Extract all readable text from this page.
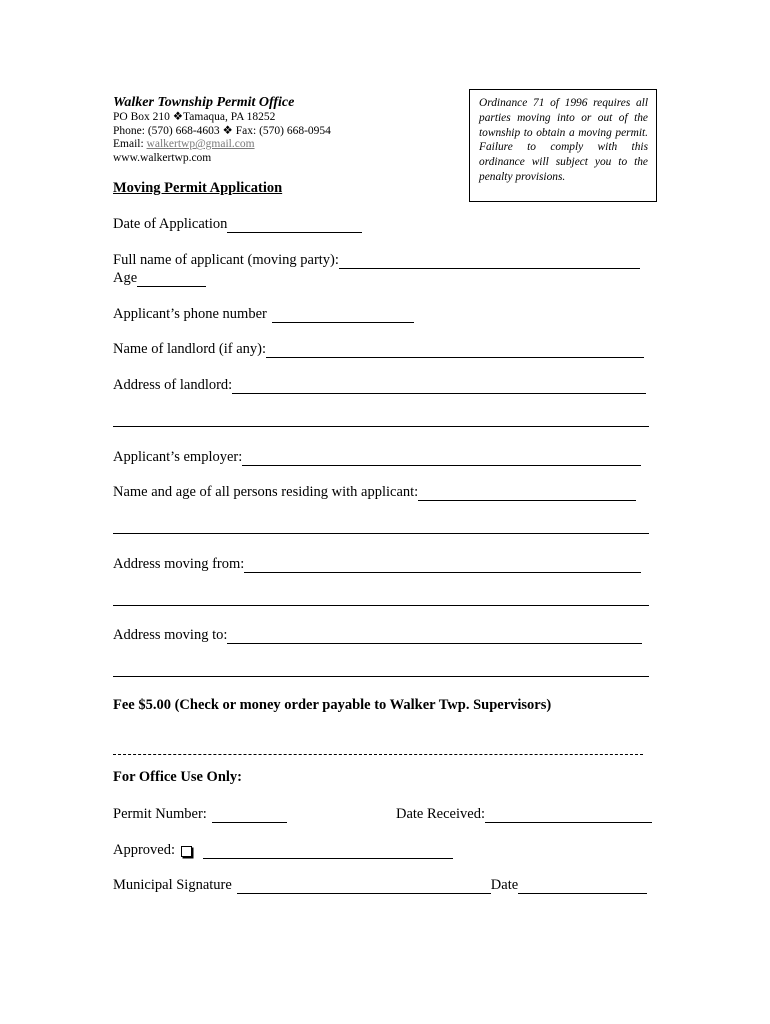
Walker Township Permit Office
PO Box 210 ❖Tamaqua, PA 18252
Phone: (570) 668-4603 ❖ Fax: (570) 668-0954
Email: walkertwp@gmail.com
www.walkertwp.com
Ordinance 71 of 1996 requires all parties moving into or out of the township to obtain a moving permit. Failure to comply with this ordinance will subject you to the penalty provisions.
Moving Permit Application
Date of Application
Full name of applicant (moving party):
Age
Applicant’s phone number
Name of landlord (if any):
Address of landlord:
Applicant’s employer:
Name and age of all persons residing with applicant:
Address moving from:
Address moving to:
Fee $5.00 (Check or money order payable to Walker Twp. Supervisors)
For Office Use Only:
Permit Number:	Date Received:
Approved:
Municipal Signature	Date
